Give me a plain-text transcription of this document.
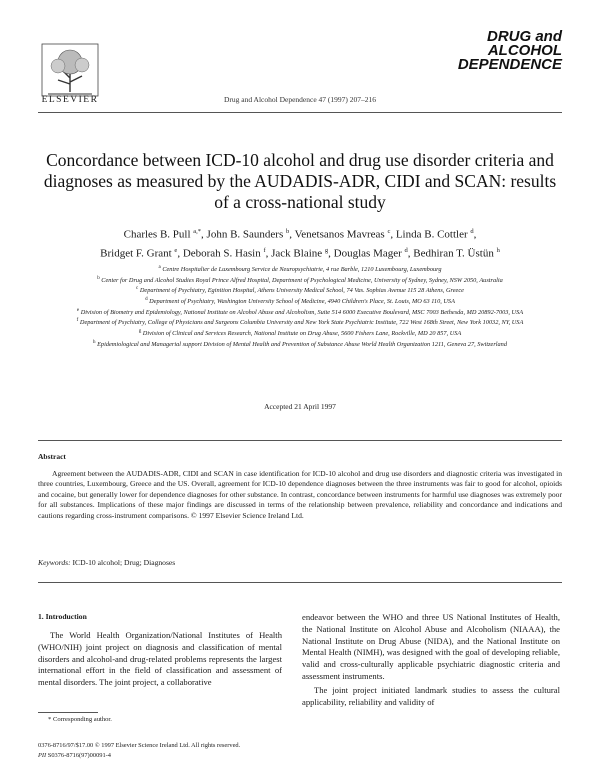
ELSEVIER	Drug and Alcohol Dependence 47 (1997) 207–216
DRUG and
ALCOHOL
DEPENDENCE
Concordance between ICD-10 alcohol and drug use disorder criteria and diagnoses as measured by the AUDADIS-ADR, CIDI and SCAN: results of a cross-national study
Charles B. Pull $^{a,*}$, John B. Saunders $^b$, Venetsanos Mavreas $^c$, Linda B. Cottler $^d$,
Bridget F. Grant $^e$, Deborah S. Hasin $^f$, Jack Blaine $^g$, Douglas Mager $^d$, Bedhiran T. Üstün $^h$
$^a$ Centre Hospitalier de Luxembourg Service de Neuropsychiatrie, 4 rue Barble, 1210 Luxembourg, Luxembourg
$^b$ Center for Drug and Alcohol Studies Royal Prince Alfred Hospital, Department of Psychological Medicine, University of Sydney, Sydney, NSW 2050, Australia
$^c$ Department of Psychiatry, Eginition Hospital, Athens University Medical School, 74 Vas. Sophias Avenue 115 28 Athens, Greece
$^d$ Department of Psychiatry, Washington University School of Medicine, 4940 Children's Place, St. Louis, MO 63 110, USA
$^e$ Division of Biometry and Epidemiology, National Institute on Alcohol Abuse and Alcoholism, Suite 514 6000 Executive Boulevard, MSC 7003 Bethesda, MD 20892-7003, USA
$^f$ Department of Psychiatry, College of Physicians and Surgeons Columbia University and New York State Psychiatric Institute, 722 West 168th Street, New York 10032, NY, USA
$^g$ Division of Clinical and Services Research, National Institute on Drug Abuse, 5600 Fishers Lane, Rockville, MD 20 857, USA
$^h$ Epidemiological and Managerial support Division of Mental Health and Prevention of Substance Abuse World Health Organization 1211, Geneva 27, Switzerland
Accepted 21 April 1997
Abstract
Agreement between the AUDADIS-ADR, CIDI and SCAN in case identification for ICD-10 alcohol and drug use disorders and diagnostic criteria was investigated in three countries, Luxembourg, Greece and the US. Overall, agreement for ICD-10 dependence diagnoses between the three instruments was fair to good for alcohol, opioids and cocaine, but generally lower for dependence diagnoses for other substance. In contrast, concordance between instruments for harmful use diagnoses was extremely poor for all substances. Implications of these major findings are discussed in terms of the relationship between prevalence, reliability and concordance and indications and cautions regarding cross-instrument comparisons. © 1997 Elsevier Science Ireland Ltd.
Keywords: ICD-10 alcohol; Drug; Diagnoses
1. Introduction
The World Health Organization/National Institutes of Health (WHO/NIH) joint project on diagnosis and classification of mental disorders and alcohol-and drug-related problems represents the largest international effort in the field of classification and assessment of mental disorders. The joint project, a collaborative

endeavor between the WHO and three US National Institutes of Health, the National Institute on Alcohol Abuse and Alcoholism (NIAAA), the National Institute on Drug Abuse (NIDA), and the National Institute on Mental Health (NIMH), was designed with the goal of developing reliable, valid and cross-culturally applicable psychiatric diagnostic criteria and assessment instruments.

The joint project initiated landmark studies to assess the cultural applicability, reliability and validity of

* Corresponding author.
0376-8716/97/$17.00 © 1997 Elsevier Science Ireland Ltd. All rights reserved.
PII S0376-8716(97)00091-4
